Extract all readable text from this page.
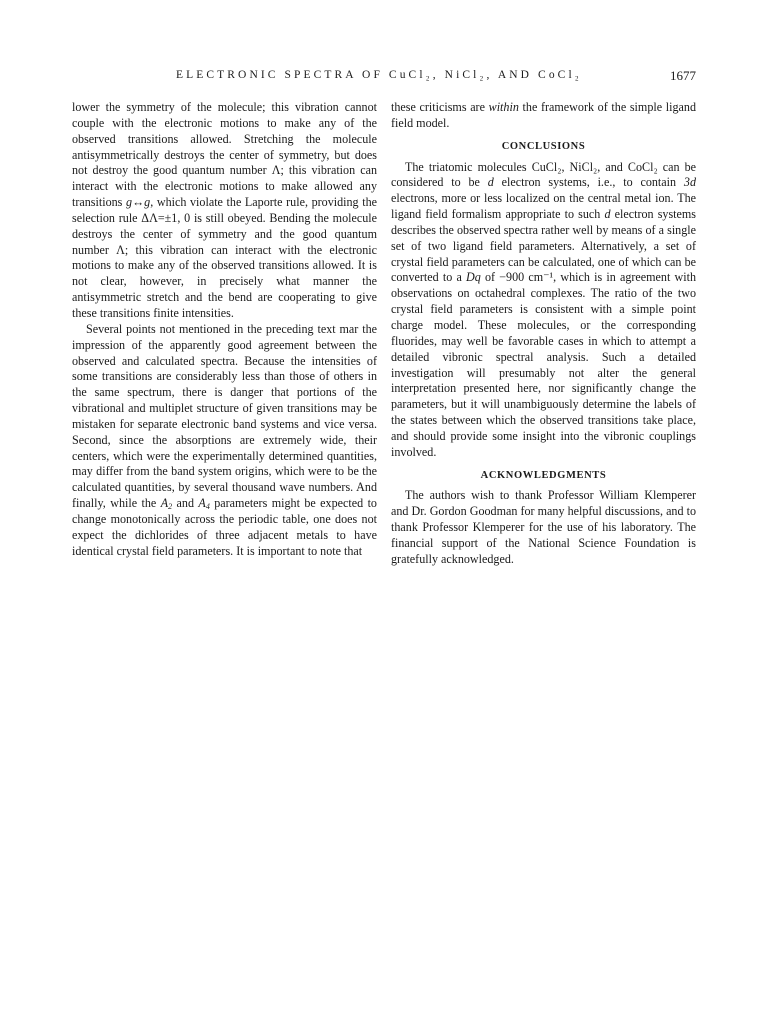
ELECTRONIC SPECTRA OF CuCl₂, NiCl₂, AND CoCl₂	1677

lower the symmetry of the molecule; this vibration cannot couple with the electronic motions to make any of the observed transitions allowed. Stretching the molecule antisymmetrically destroys the center of symmetry, but does not destroy the good quantum number Λ; this vibration can interact with the electronic motions to make allowed any transitions g↔g, which violate the Laporte rule, providing the selection rule ΔΛ=±1, 0 is still obeyed. Bending the molecule destroys the center of symmetry and the good quantum number Λ; this vibration can interact with the electronic motions to make any of the observed transitions allowed. It is not clear, however, in precisely what manner the antisymmetric stretch and the bend are cooperating to give these transitions finite intensities.

Several points not mentioned in the preceding text mar the impression of the apparently good agreement between the observed and calculated spectra. Because the intensities of some transitions are considerably less than those of others in the same spectrum, there is danger that portions of the vibrational and multiplet structure of given transitions may be mistaken for separate electronic band systems and vice versa. Second, since the absorptions are extremely wide, their centers, which were the experimentally determined quantities, may differ from the band system origins, which were to be the calculated quantities, by several thousand wave numbers. And finally, while the $A_2$ and $A_4$ parameters might be expected to change monotonically across the periodic table, one does not expect the dichlorides of three adjacent metals to have identical crystal field parameters. It is important to note that

these criticisms are within the framework of the simple ligand field model.

CONCLUSIONS

The triatomic molecules CuCl₂, NiCl₂, and CoCl₂ can be considered to be d electron systems, i.e., to contain 3d electrons, more or less localized on the central metal ion. The ligand field formalism appropriate to such d electron systems describes the observed spectra rather well by means of a single set of two ligand field parameters. Alternatively, a set of crystal field parameters can be calculated, one of which can be converted to a Dq of −900 cm⁻¹, which is in agreement with observations on octahedral complexes. The ratio of the two crystal field parameters is consistent with a simple point charge model. These molecules, or the corresponding fluorides, may well be favorable cases in which to attempt a detailed vibronic spectral analysis. Such a detailed investigation will presumably not alter the general interpretation presented here, nor significantly change the parameters, but it will unambiguously determine the labels of the states between which the observed transitions take place, and should provide some insight into the vibronic couplings involved.

ACKNOWLEDGMENTS

The authors wish to thank Professor William Klemperer and Dr. Gordon Goodman for many helpful discussions, and to thank Professor Klemperer for the use of his laboratory. The financial support of the National Science Foundation is gratefully acknowledged.
